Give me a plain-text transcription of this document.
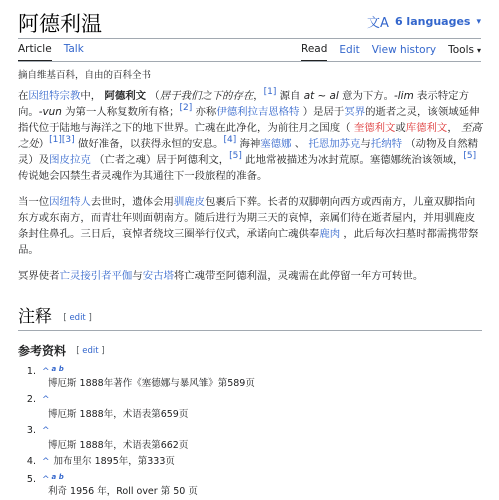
阿德利温	文A 6 languages ▾
Article Talk	Read Edit View history Tools ▾
摘自维基百科，自由的百科全书

在因纽特宗教中， 阿德利文 （居于我们之下的存在，[1] 源自 at ~ al 意为下方。-lim 表示特定方向。-vun 为第一人称复数所有格；[2] 亦称伊德利拉吉恩格特 ）是居于冥界的逝者之灵，该领域延伸指代位于陆地与海洋之下的地下世界。亡魂在此净化，为前往月之国度（ 奎德利文或库德利文， 至高之处）[1][3] 做好准备，以获得永恒的安息。[4] 海神塞德娜 、 托恩加苏克与托纳特 （动物及自然精灵）及图皮拉克 （亡者之魂）居于阿德利文，[5] 此地常被描述为冰封荒原。塞德娜统治该领域，[5] 传说她会囚禁生者灵魂作为其通往下一段旅程的准备。

当一位因纽特人去世时，遗体会用驯鹿皮包裹后下葬。长者的双脚朝向西方或西南方，儿童双脚指向东方或东南方，而青壮年则面朝南方。随后进行为期三天的哀悼，亲属们待在逝者屋内，并用驯鹿皮条封住鼻孔。三日后，哀悼者绕坟三圈举行仪式，承诺向亡魂供奉鹿肉 ，此后每次扫墓时都需携带祭品。

冥界使者亡灵接引者平伽与安古塔将亡魂带至阿德利温，灵魂需在此停留一年方可转世。

注释 [ edit ]
参考资料 [ edit ]
1. ^ $^{a b}$
博厄斯 1888年著作《塞德娜与暴风雏》第589页
2. ^
博厄斯 1888年，术语表第659页
3. ^
博厄斯 1888年，术语表第662页
4. ^ 加布里尔 1895年，第333页
5. ^ $^{a b}$
利奇 1956 年，Roll over 第 50 页
